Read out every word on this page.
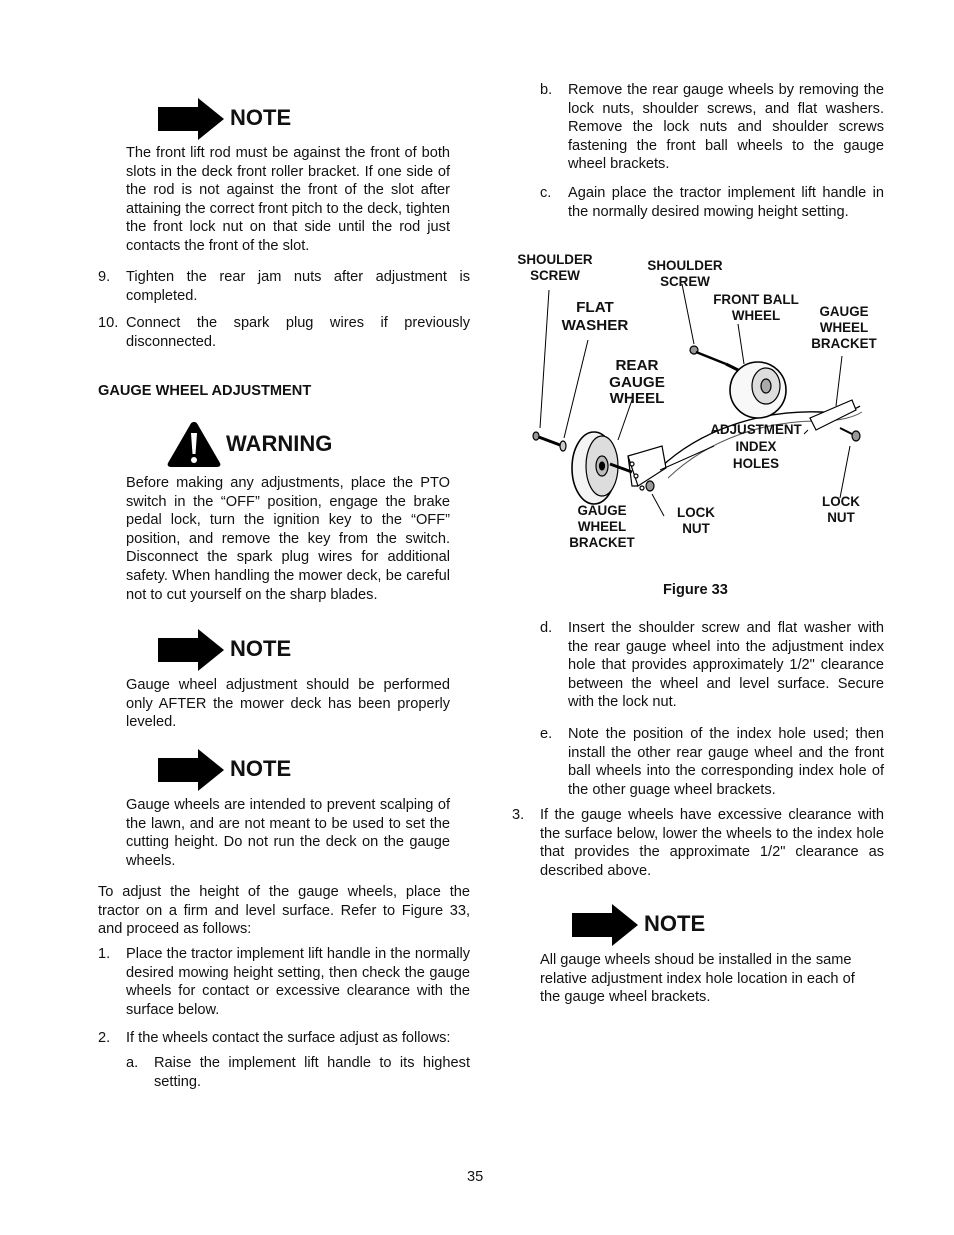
NOTE
The front lift rod must be against the front of both slots in the deck front roller bracket. If one side of the rod is not against the front of the slot after attaining the correct front pitch to the deck, tighten the front lock nut on that side until the rod just contacts the front of the slot.
9. Tighten the rear jam nuts after adjustment is completed.
10. Connect the spark plug wires if previously disconnected.
GAUGE WHEEL ADJUSTMENT
WARNING
Before making any adjustments, place the PTO switch in the “OFF” position, engage the brake pedal lock, turn the ignition key to the “OFF” position, and remove the key from the switch. Disconnect the spark plug wires for additional safety. When handling the mower deck, be careful not to cut yourself on the sharp blades.
NOTE
Gauge wheel adjustment should be performed only AFTER the mower deck has been properly leveled.
NOTE
Gauge wheels are intended to prevent scalping of the lawn, and are not meant to be used to set the cutting height. Do not run the deck on the gauge wheels.
To adjust the height of the gauge wheels, place the tractor on a firm and level surface. Refer to Figure 33, and proceed as follows:
1. Place the tractor implement lift handle in the normally desired mowing height setting, then check the gauge wheels for contact or excessive clearance with the surface below.
2. If the wheels contact the surface adjust as follows:
a. Raise the implement lift handle to its highest setting.
b. Remove the rear gauge wheels by removing the lock nuts, shoulder screws, and flat washers. Remove the lock nuts and shoulder screws fastening the front ball wheels to the gauge wheel brackets.
c. Again place the tractor implement lift handle in the normally desired mowing height setting.
SHOULDER
SCREW
SHOULDER
SCREW
FLAT
WASHER
FRONT BALL
WHEEL	GAUGE
WHEEL
BRACKET
REAR
GAUGE
WHEEL
ADJUSTMENT
INDEX
HOLES
GAUGE
WHEEL
BRACKET
LOCK
NUT
LOCK
NUT
Figure 33
d. Insert the shoulder screw and flat washer with the rear gauge wheel into the adjustment index hole that provides approximately 1/2" clearance between the wheel and level surface. Secure with the lock nut.
e. Note the position of the index hole used; then install the other rear gauge wheel and the front ball wheels into the corresponding index hole of the other guage wheel brackets.
3. If the gauge wheels have excessive clearance with the surface below, lower the wheels to the index hole that provides the approximate 1/2" clearance as described above.
NOTE
All gauge wheels shoud be installed in the same relative adjustment index hole location in each of the gauge wheel brackets.
35
